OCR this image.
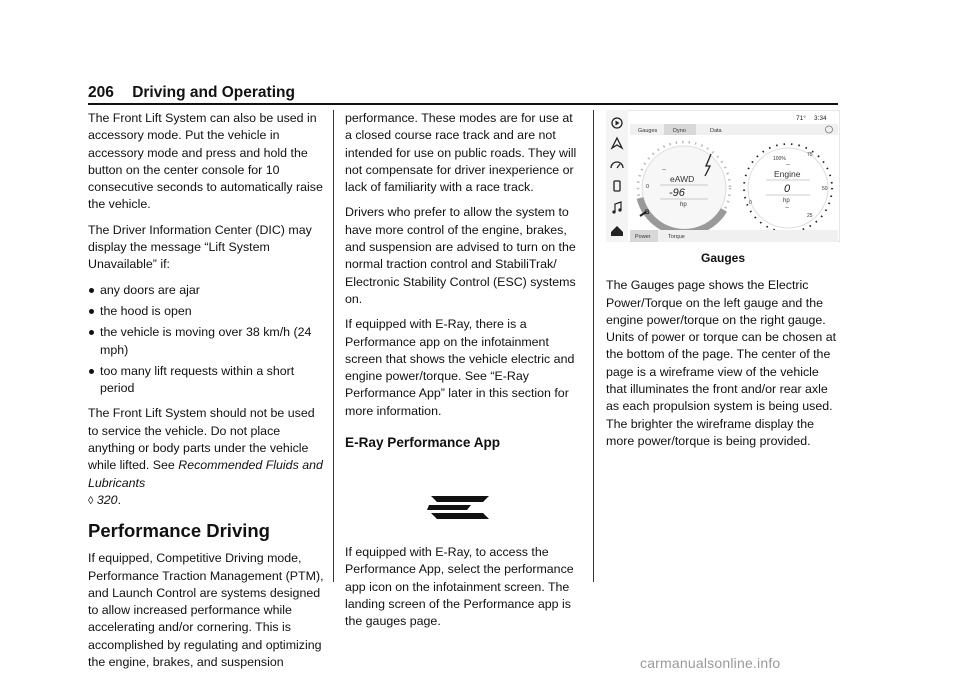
206 Driving and Operating

The Front Lift System can also be used in accessory mode. Put the vehicle in accessory mode and press and hold the button on the center console for 10 consecutive seconds to automatically raise the vehicle.

The Driver Information Center (DIC) may display the message “Lift System Unavailable” if:

any doors are ajar
the hood is open
the vehicle is moving over 38 km/h (24 mph)
too many lift requests within a short period

The Front Lift System should not be used to service the vehicle. Do not place anything or body parts under the vehicle while lifted. See Recommended Fluids and Lubricants
◊ 320.

Performance Driving

If equipped, Competitive Driving mode, Performance Traction Management (PTM), and Launch Control are systems designed to allow increased performance while accelerating and/or cornering. This is accomplished by regulating and optimizing the engine, brakes, and suspension

performance. These modes are for use at a closed course race track and are not intended for use on public roads. They will not compensate for driver inexperience or lack of familiarity with a race track.

Drivers who prefer to allow the system to have more control of the engine, brakes, and suspension are advised to turn on the normal traction control and StabiliTrak/ Electronic Stability Control (ESC) systems on.

If equipped with E-Ray, there is a Performance app on the infotainment screen that shows the vehicle electric and engine power/torque. See “E-Ray Performance App” later in this section for more information.

E-Ray Performance App

If equipped with E-Ray, to access the Performance App, select the performance app icon on the infotainment screen. The landing screen of the Performance app is the gauges page.

71° 3:34
Gauges	Dyno	Data
~
eAWD
-96
hp
0
B
100%
75
50
25
0
~
Engine
0
hp
~
Power	Torque
Gauges

The Gauges page shows the Electric Power/Torque on the left gauge and the engine power/torque on the right gauge. Units of power or torque can be chosen at the bottom of the page. The center of the page is a wireframe view of the vehicle that illuminates the front and/or rear axle as each propulsion system is being used. The brighter the wireframe display the more power/torque is being provided.

carmanualsonline.info
